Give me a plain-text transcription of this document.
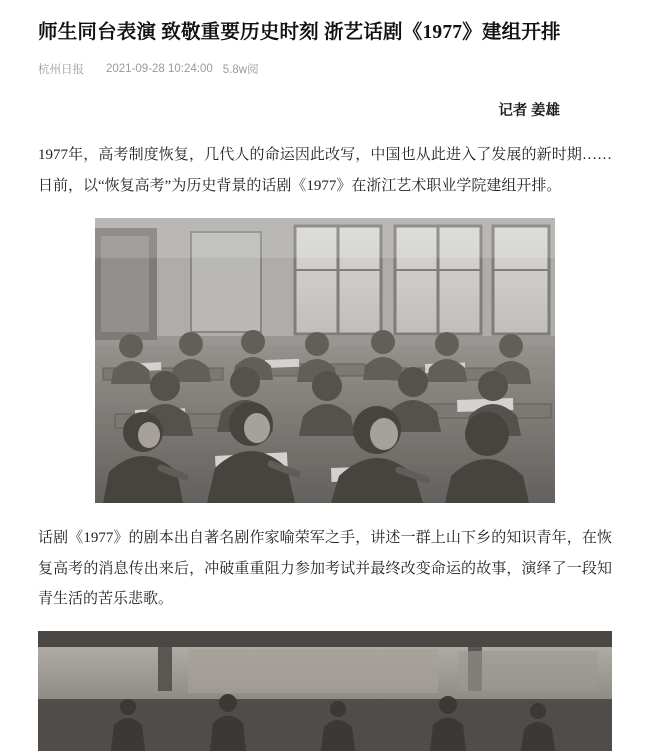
师生同台表演 致敬重要历史时刻 浙艺话剧《1977》建组开排
杭州日报 2021-09-28 10:24:00 5.8w阅
记者 姜雄

1977年，高考制度恢复，几代人的命运因此改写，中国也从此进入了发展的新时期……日前，以“恢复高考”为历史背景的话剧《1977》在浙江艺术职业学院建组开排。

话剧《1977》的剧本出自著名剧作家喻荣军之手，讲述一群上山下乡的知识青年，在恢复高考的消息传出来后，冲破重重阻力参加考试并最终改变命运的故事，演绎了一段知青生活的苦乐悲歌。
